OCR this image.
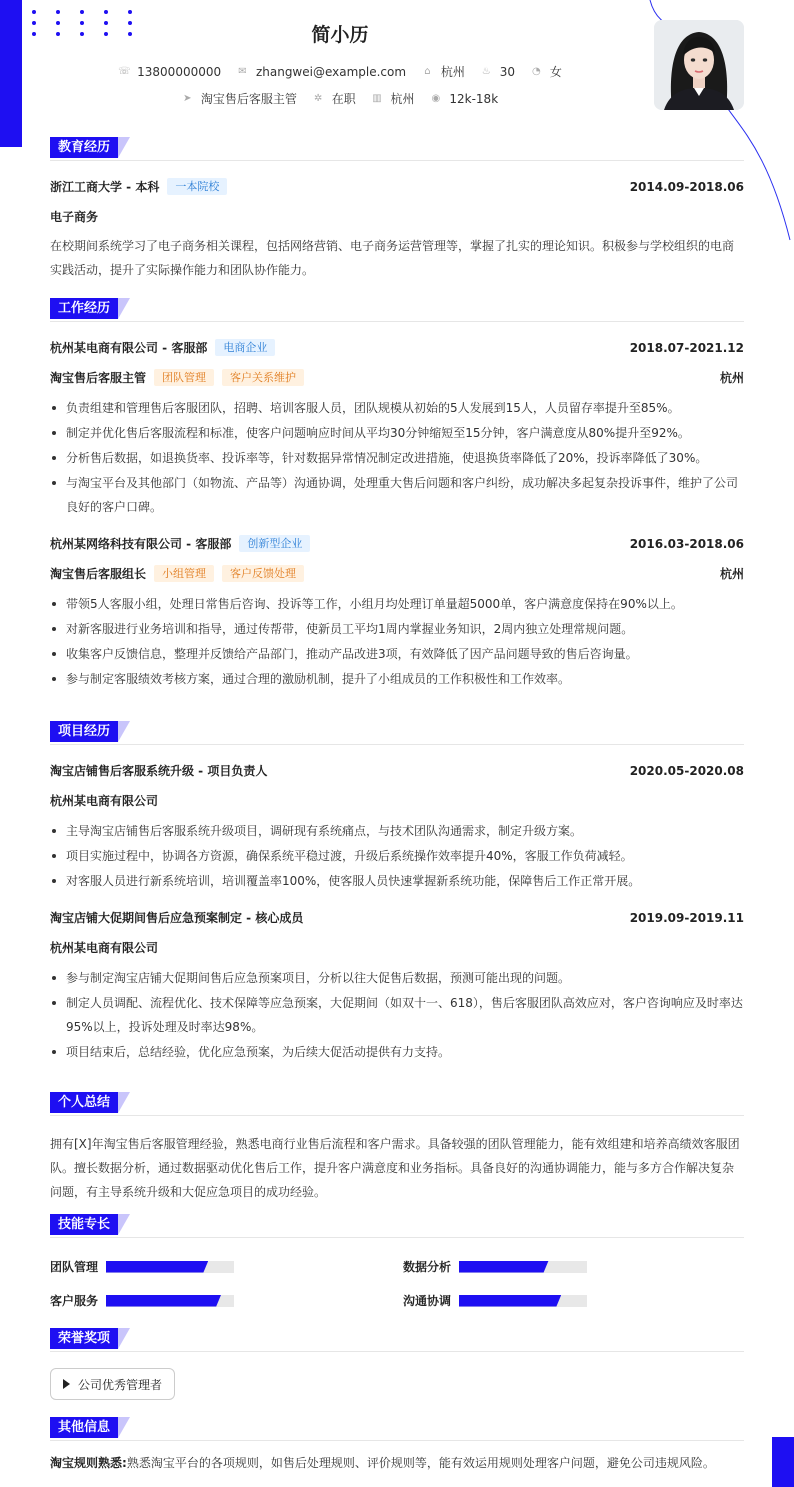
简小历
☏ 13800000000
✉ zhangwei@example.com
⌂ 杭州
♨ 30
◔ 女
➤ 淘宝售后客服主管
✲ 在职
▥ 杭州
◉ 12k-18k
教育经历
浙江工商大学 - 本科 一本院校	2014.09-2018.06
电子商务
在校期间系统学习了电子商务相关课程，包括网络营销、电子商务运营管理等，掌握了扎实的理论知识。积极参与学校组织的电商实践活动，提升了实际操作能力和团队协作能力。
工作经历
杭州某电商有限公司 - 客服部 电商企业	2018.07-2021.12
淘宝售后客服主管 团队管理 客户关系维护	杭州
负责组建和管理售后客服团队，招聘、培训客服人员，团队规模从初始的5人发展到15人，人员留存率提升至85%。
制定并优化售后客服流程和标准，使客户问题响应时间从平均30分钟缩短至15分钟，客户满意度从80%提升至92%。
分析售后数据，如退换货率、投诉率等，针对数据异常情况制定改进措施，使退换货率降低了20%，投诉率降低了30%。
与淘宝平台及其他部门（如物流、产品等）沟通协调，处理重大售后问题和客户纠纷，成功解决多起复杂投诉事件，维护了公司良好的客户口碑。
杭州某网络科技有限公司 - 客服部 创新型企业	2016.03-2018.06
淘宝售后客服组长 小组管理 客户反馈处理	杭州
带领5人客服小组，处理日常售后咨询、投诉等工作，小组月均处理订单量超5000单，客户满意度保持在90%以上。
对新客服进行业务培训和指导，通过传帮带，使新员工平均1周内掌握业务知识，2周内独立处理常规问题。
收集客户反馈信息，整理并反馈给产品部门，推动产品改进3项，有效降低了因产品问题导致的售后咨询量。
参与制定客服绩效考核方案，通过合理的激励机制，提升了小组成员的工作积极性和工作效率。
项目经历
淘宝店铺售后客服系统升级 - 项目负责人	2020.05-2020.08
杭州某电商有限公司
主导淘宝店铺售后客服系统升级项目，调研现有系统痛点，与技术团队沟通需求，制定升级方案。
项目实施过程中，协调各方资源，确保系统平稳过渡，升级后系统操作效率提升40%，客服工作负荷减轻。
对客服人员进行新系统培训，培训覆盖率100%，使客服人员快速掌握新系统功能，保障售后工作正常开展。
淘宝店铺大促期间售后应急预案制定 - 核心成员	2019.09-2019.11
杭州某电商有限公司
参与制定淘宝店铺大促期间售后应急预案项目，分析以往大促售后数据，预测可能出现的问题。
制定人员调配、流程优化、技术保障等应急预案，大促期间（如双十一、618），售后客服团队高效应对，客户咨询响应及时率达95%以上，投诉处理及时率达98%。
项目结束后，总结经验，优化应急预案，为后续大促活动提供有力支持。
个人总结
拥有[X]年淘宝售后客服管理经验，熟悉电商行业售后流程和客户需求。具备较强的团队管理能力，能有效组建和培养高绩效客服团队。擅长数据分析，通过数据驱动优化售后工作，提升客户满意度和业务指标。具备良好的沟通协调能力，能与多方合作解决复杂问题，有主导系统升级和大促应急项目的成功经验。
技能专长
团队管理	数据分析
客户服务	沟通协调
荣誉奖项
公司优秀管理者
其他信息
淘宝规则熟悉:熟悉淘宝平台的各项规则，如售后处理规则、评价规则等，能有效运用规则处理客户问题，避免公司违规风险。
